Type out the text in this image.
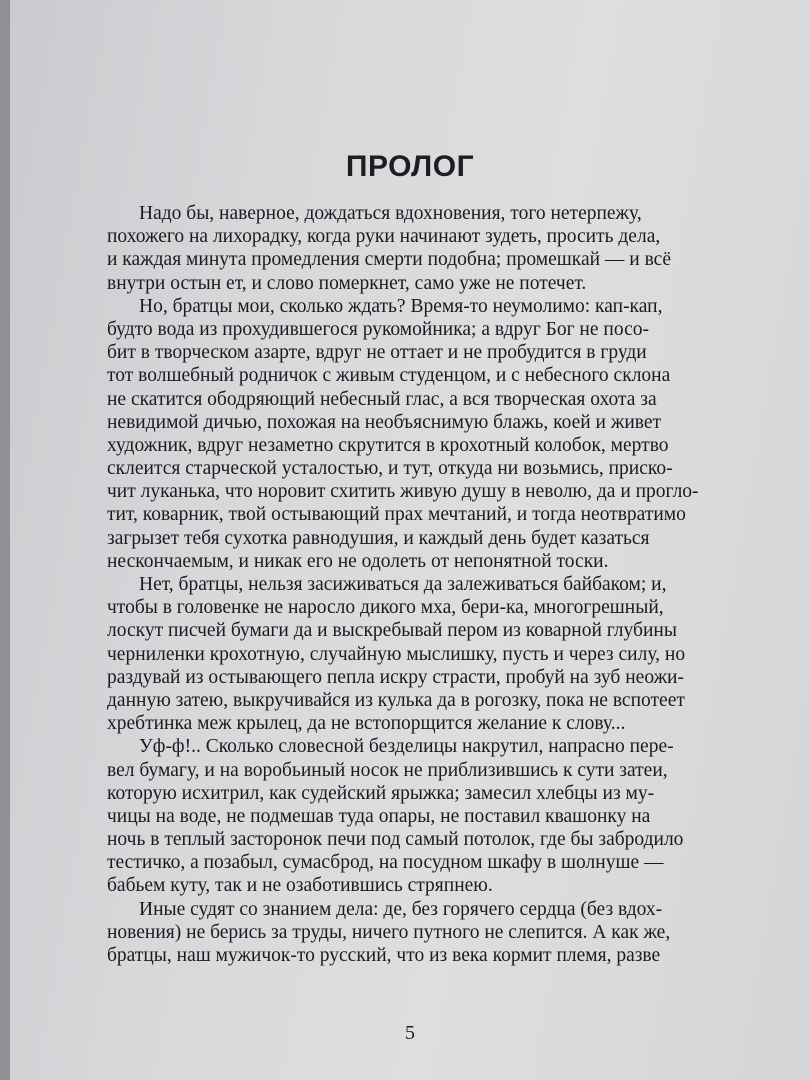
ПРОЛОГ
Надо бы, наверное, дождаться вдохновения, того нетерпежу,
похожего на лихорадку, когда руки начинают зудеть, просить дела,
и каждая минута промедления смерти подобна; промешкай — и всё
внутри остын ет, и слово померкнет, само уже не потечет.
Но, братцы мои, сколько ждать? Время-то неумолимо: кап-кап,
будто вода из прохудившегося рукомойника; а вдруг Бог не посо-
бит в творческом азарте, вдруг не оттает и не пробудится в груди
тот волшебный родничок с живым студенцом, и с небесного склона
не скатится ободряющий небесный глас, а вся творческая охота за
невидимой дичью, похожая на необъяснимую блажь, коей и живет
художник, вдруг незаметно скрутится в крохотный колобок, мертво
склеится старческой усталостью, и тут, откуда ни возьмись, приско-
чит луканька, что норовит схитить живую душу в неволю, да и проглo-
тит, коварник, твой остывающий прах мечтаний, и тогда неотвратимо
загрызет тебя сухотка равнодушия, и каждый день будет казаться
нескончаемым, и никак его не одолеть от непонятной тоски.
Нет, братцы, нельзя засиживаться да залеживаться байбаком; и,
чтобы в головенке не наросло дикого мха, бери-ка, многогрешный,
лоскут писчей бумаги да и выскребывай пером из коварной глубины
черниленки крохотную, случайную мыслишку, пусть и через силу, но
раздувай из остывающего пепла искру страсти, пробуй на зуб неожи-
данную затею, выкручивайся из кулька да в рогозку, пока не вспотеет
хребтинка меж крылец, да не встопорщится желание к слову...
Уф-ф!.. Сколько словесной безделицы накрутил, напрасно пере-
вел бумагу, и на воробьиный носок не приблизившись к сути затеи,
которую исхитрил, как судейский ярыжка; замесил хлебцы из му-
чицы на воде, не подмешав туда опары, не поставил квашонку на
ночь в теплый засторонок печи под самый потолок, где бы забродило
тестичко, а позабыл, сумасброд, на посудном шкафу в шолнуше —
бабьем куту, так и не озаботившись стряпнею.
Иные судят со знанием дела: де, без горячего сердца (без вдох-
новения) не берись за труды, ничего путного не слепится. А как же,
братцы, наш мужичок-то русский, что из века кормит племя, разве
5
